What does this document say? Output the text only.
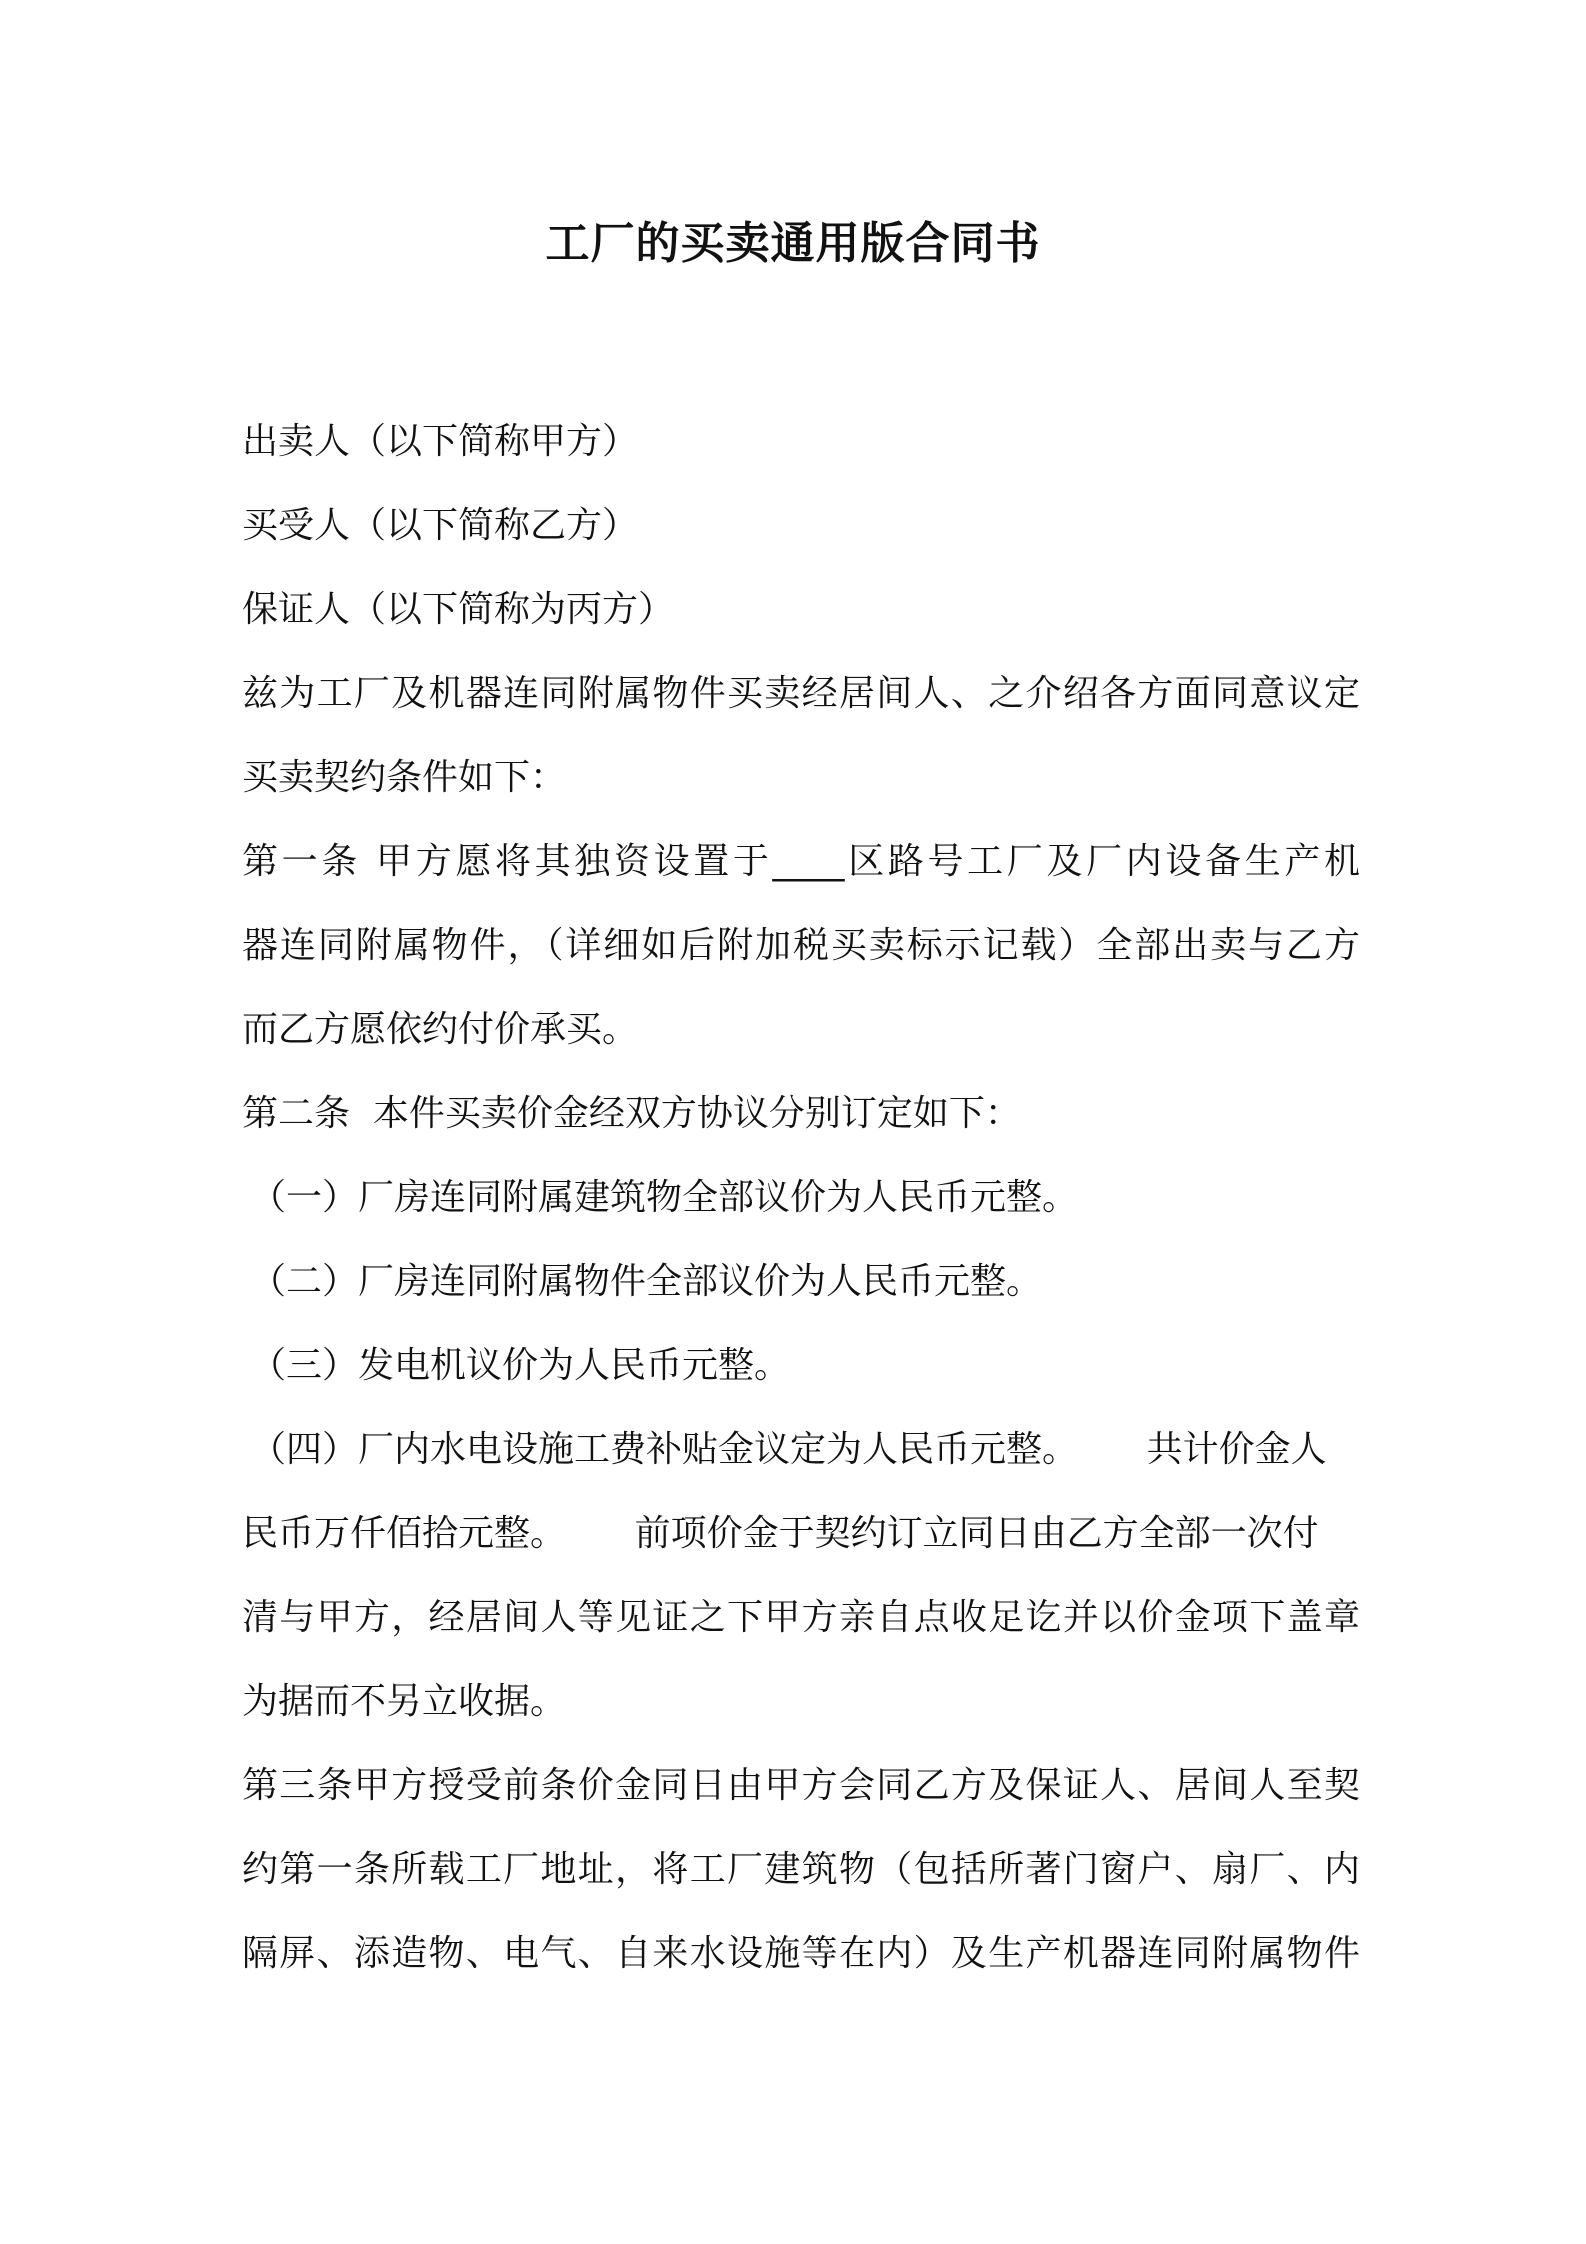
工厂的买卖通用版合同书
出卖人（以下简称甲方）
买受人（以下简称乙方）
保证人（以下简称为丙方）
兹为工厂及机器连同附属物件买卖经居间人、之介绍各方面同意议定
买卖契约条件如下：
第一条 甲方愿将其独资设置于____区路号工厂及厂内设备生产机
器连同附属物件，（详细如后附加税买卖标示记载）全部出卖与乙方
而乙方愿依约付价承买。
第二条  本件买卖价金经双方协议分别订定如下：
（一）厂房连同附属建筑物全部议价为人民币元整。
（二）厂房连同附属物件全部议价为人民币元整。
（三）发电机议价为人民币元整。
（四）厂内水电设施工费补贴金议定为人民币元整。      共计价金人
民币万仟佰拾元整。      前项价金于契约订立同日由乙方全部一次付
清与甲方，经居间人等见证之下甲方亲自点收足讫并以价金项下盖章
为据而不另立收据。
第三条甲方授受前条价金同日由甲方会同乙方及保证人、居间人至契
约第一条所载工厂地址，将工厂建筑物（包括所著门窗户、扇厂、内
隔屏、添造物、电气、自来水设施等在内）及生产机器连同附属物件
